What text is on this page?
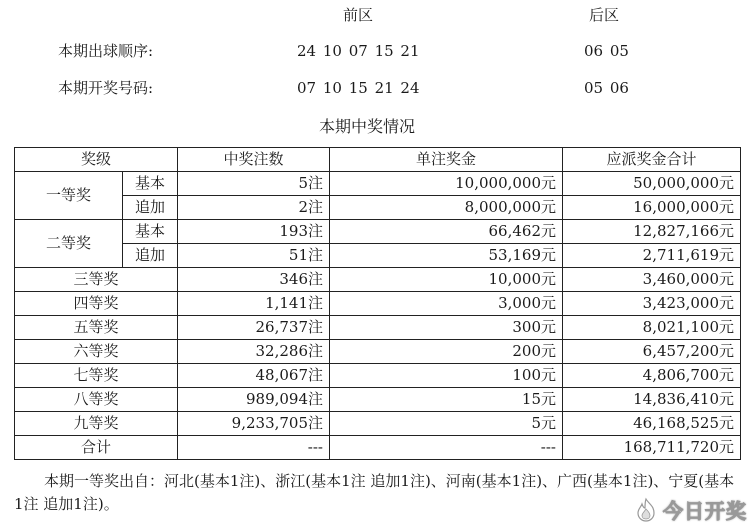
前区	后区
本期出球顺序:	24 10 07 15 21	06 05
本期开奖号码:	07 10 15 21 24	05 06
本期中奖情况
奖级		中奖注数	单注奖金	应派奖金合计
一等奖	基本	5注	10,000,000元	50,000,000元
	追加	2注	8,000,000元	16,000,000元
二等奖	基本	193注	66,462元	12,827,166元
	追加	51注	53,169元	2,711,619元
三等奖		346注	10,000元	3,460,000元
四等奖		1,141注	3,000元	3,423,000元
五等奖		26,737注	300元	8,021,100元
六等奖		32,286注	200元	6,457,200元
七等奖		48,067注	100元	4,806,700元
八等奖		989,094注	15元	14,836,410元
九等奖		9,233,705注	5元	46,168,525元
合计		---	---	168,711,720元
本期一等奖出自：河北(基本1注)、浙江(基本1注 追加1注)、河南(基本1注)、广西(基本1注)、宁夏(基本1注 追加1注)。	今日开奖
